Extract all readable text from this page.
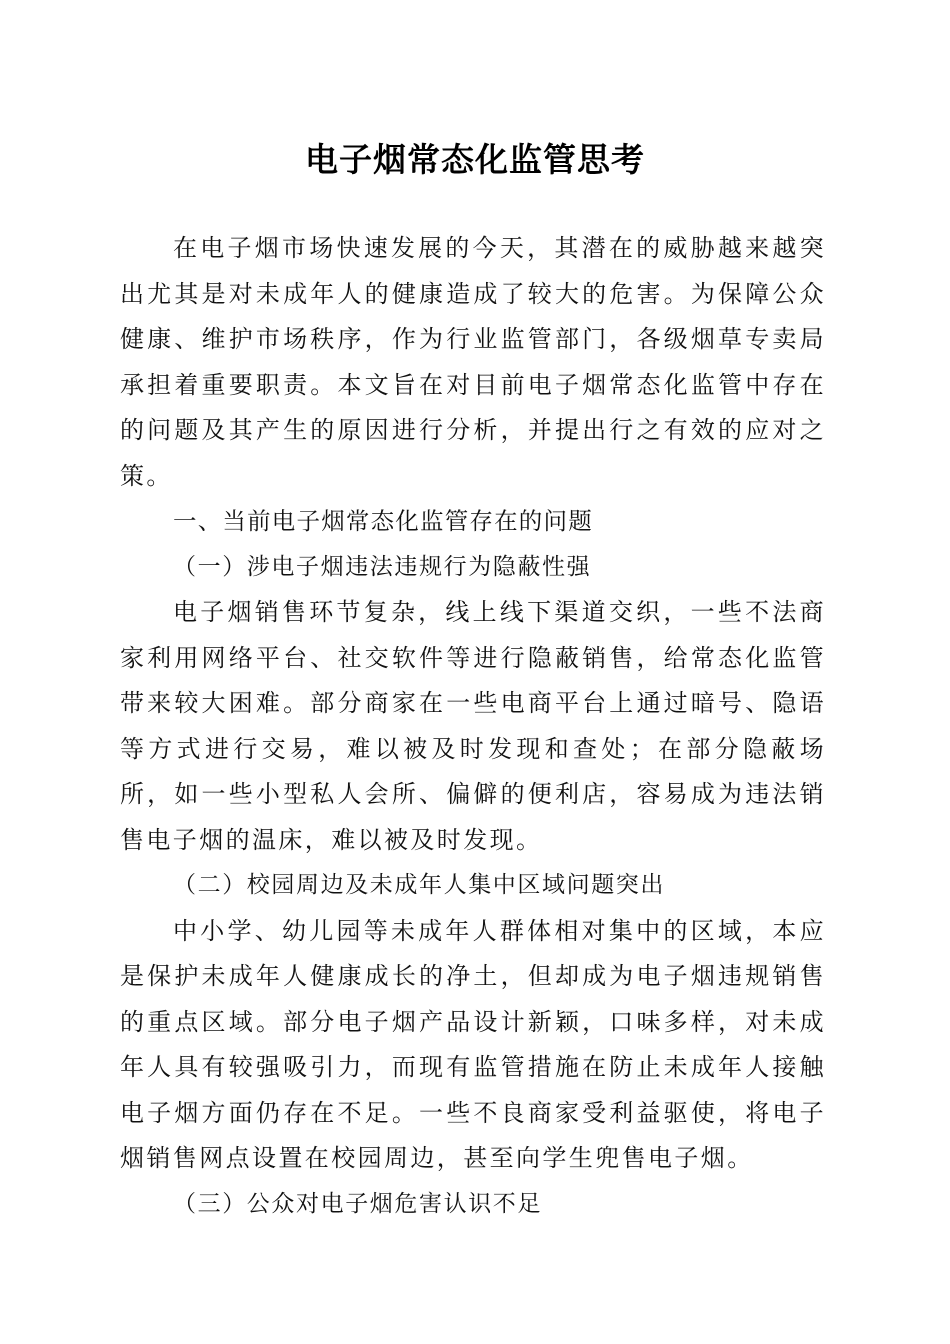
电子烟常态化监管思考

在电子烟市场快速发展的今天，其潜在的威胁越来越突出尤其是对未成年人的健康造成了较大的危害。为保障公众健康、维护市场秩序，作为行业监管部门，各级烟草专卖局承担着重要职责。本文旨在对目前电子烟常态化监管中存在的问题及其产生的原因进行分析，并提出行之有效的应对之策。

一、当前电子烟常态化监管存在的问题

（一）涉电子烟违法违规行为隐蔽性强

电子烟销售环节复杂，线上线下渠道交织，一些不法商家利用网络平台、社交软件等进行隐蔽销售，给常态化监管带来较大困难。部分商家在一些电商平台上通过暗号、隐语等方式进行交易，难以被及时发现和查处；在部分隐蔽场所，如一些小型私人会所、偏僻的便利店，容易成为违法销售电子烟的温床，难以被及时发现。

（二）校园周边及未成年人集中区域问题突出

中小学、幼儿园等未成年人群体相对集中的区域，本应是保护未成年人健康成长的净土，但却成为电子烟违规销售的重点区域。部分电子烟产品设计新颖，口味多样，对未成年人具有较强吸引力，而现有监管措施在防止未成年人接触电子烟方面仍存在不足。一些不良商家受利益驱使，将电子烟销售网点设置在校园周边，甚至向学生兜售电子烟。

（三）公众对电子烟危害认识不足
